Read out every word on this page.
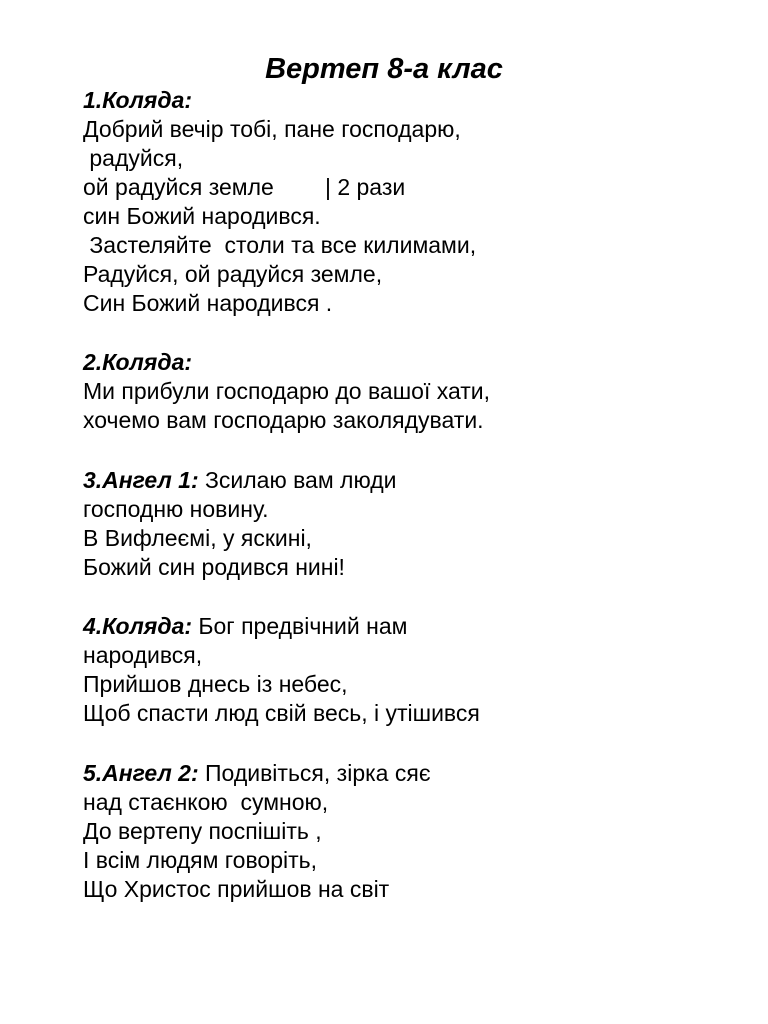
Вертеп 8-а клас
1.Коляда:
Добрий вечір тобі, пане господарю,
радуйся,
ой радуйся земле        | 2 рази
син Божий народився.
Застеляйте  столи та все килимами,
Радуйся, ой радуйся земле,
Син Божий народився .
2.Коляда:
Ми прибули господарю до вашої хати,
хочемо вам господарю заколядувати.
3.Ангел 1: Зсилаю вам люди
господню новину.
В Вифлеємі, у яскині,
Божий син родився нині!
4.Коляда: Бог предвічний нам
народився,
Прийшов днесь із небес,
Щоб спасти люд свій весь, і утішився
5.Ангел 2: Подивіться, зірка сяє
над стаєнкою  сумною,
До вертепу поспішіть ,
І всім людям говоріть,
Що Христос прийшов на світ
